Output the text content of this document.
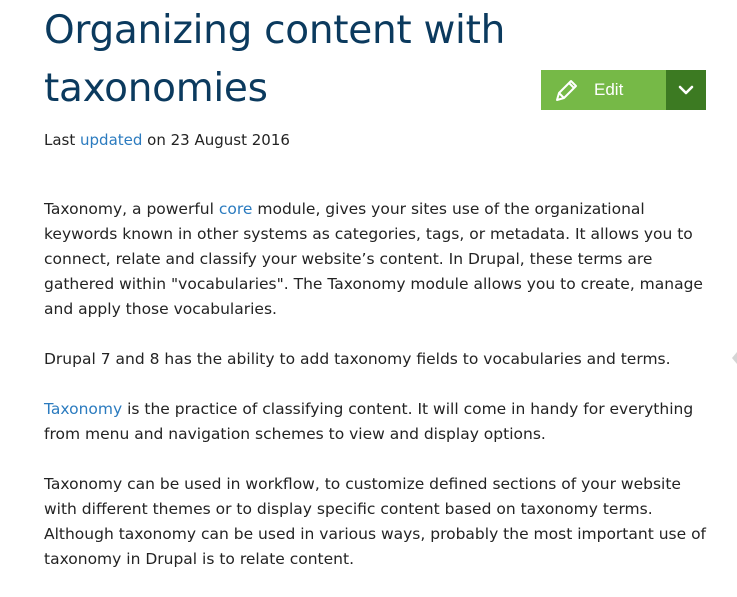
Organizing content with taxonomies	Edit

Last updated on 23 August 2016

Taxonomy, a powerful core module, gives your sites use of the organizational keywords known in other systems as categories, tags, or metadata. It allows you to connect, relate and classify your website’s content. In Drupal, these terms are gathered within "vocabularies". The Taxonomy module allows you to create, manage and apply those vocabularies.

Drupal 7 and 8 has the ability to add taxonomy fields to vocabularies and terms.

Taxonomy is the practice of classifying content. It will come in handy for everything from menu and navigation schemes to view and display options.

Taxonomy can be used in workflow, to customize defined sections of your website with different themes or to display specific content based on taxonomy terms. Although taxonomy can be used in various ways, probably the most important use of taxonomy in Drupal is to relate content.
